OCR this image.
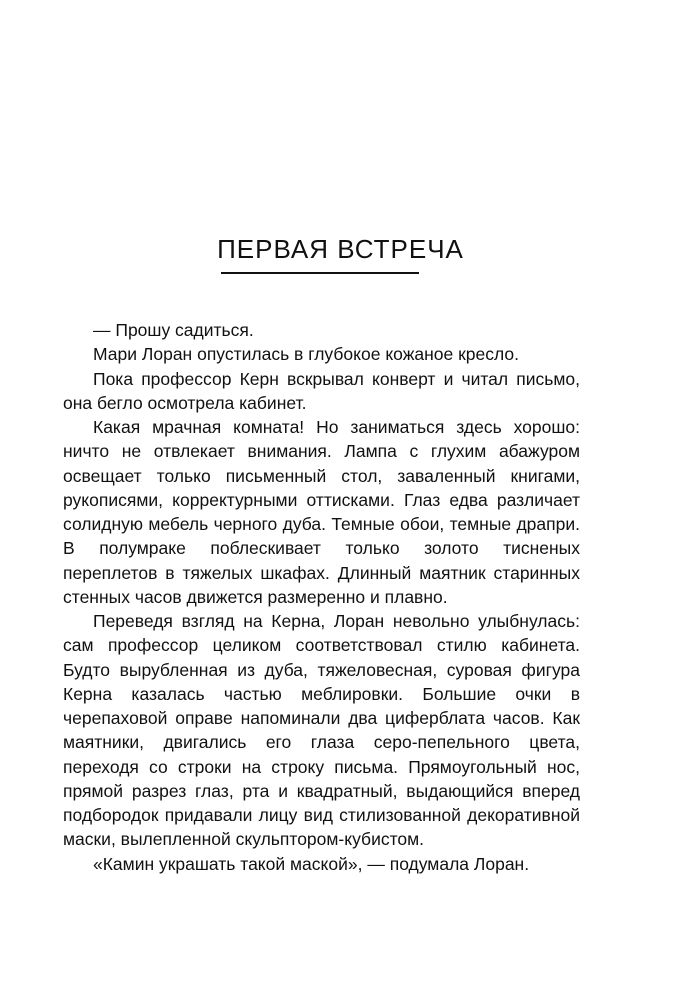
ПЕРВАЯ ВСТРЕЧА

— Прошу садиться.

Мари Лоран опустилась в глубокое кожаное кресло.

Пока профессор Керн вскрывал конверт и читал письмо, она бегло осмотрела кабинет.

Какая мрачная комната! Но заниматься здесь хорошо: ничто не отвлекает внимания. Лампа с глухим абажуром освещает только письменный стол, заваленный книгами, рукописями, корректурными оттисками. Глаз едва различает солидную мебель черного дуба. Темные обои, темные драпри. В полумраке поблескивает только золото тисненых переплетов в тяжелых шкафах. Длинный маятник старинных стенных часов движется размеренно и плавно.

Переведя взгляд на Керна, Лоран невольно улыбнулась: сам профессор целиком соответствовал стилю кабинета. Будто вырубленная из дуба, тяжеловесная, суровая фигура Керна казалась частью меблировки. Большие очки в черепаховой оправе напоминали два циферблата часов. Как маятники, двигались его глаза серо-пепельного цвета, переходя со строки на строку письма. Прямоугольный нос, прямой разрез глаз, рта и квадратный, выдающийся вперед подбородок придавали лицу вид стилизованной декоративной маски, вылепленной скульптором-кубистом.

«Камин украшать такой маской», — подумала Лоран.
